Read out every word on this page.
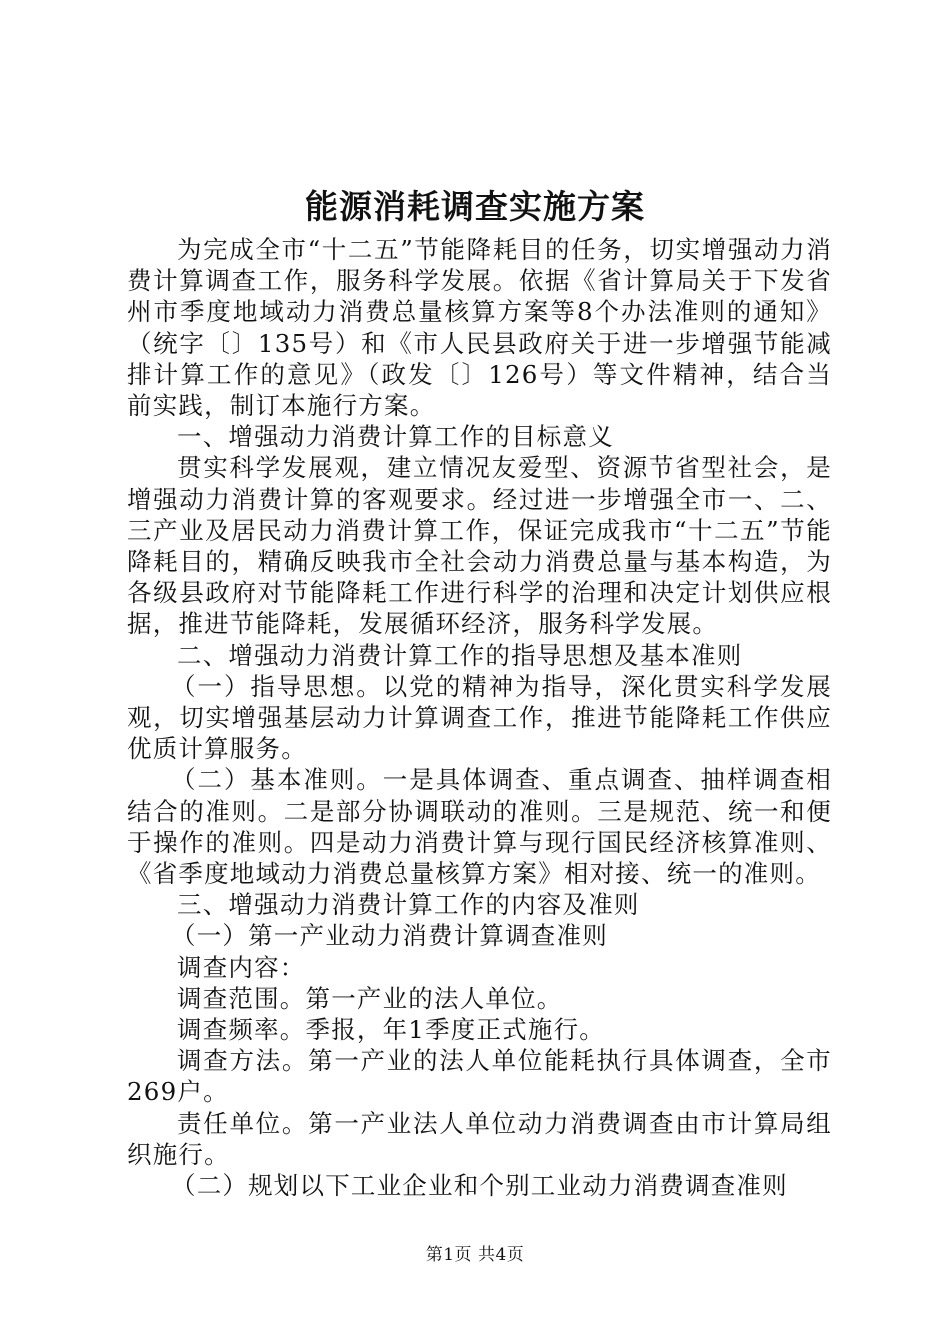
能源消耗调查实施方案

为完成全市“十二五”节能降耗目的任务，切实增强动力消费计算调查工作，服务科学发展。依据《省计算局关于下发省州市季度地域动力消费总量核算方案等8个办法准则的通知》（统字〔〕135号）和《市人民县政府关于进一步增强节能减排计算工作的意见》（政发〔〕126号）等文件精神，结合当前实践，制订本施行方案。

一、增强动力消费计算工作的目标意义

贯实科学发展观，建立情况友爱型、资源节省型社会，是增强动力消费计算的客观要求。经过进一步增强全市一、二、三产业及居民动力消费计算工作，保证完成我市“十二五”节能降耗目的，精确反映我市全社会动力消费总量与基本构造，为各级县政府对节能降耗工作进行科学的治理和决定计划供应根据，推进节能降耗，发展循环经济，服务科学发展。

二、增强动力消费计算工作的指导思想及基本准则

（一）指导思想。以党的精神为指导，深化贯实科学发展观，切实增强基层动力计算调查工作，推进节能降耗工作供应优质计算服务。

（二）基本准则。一是具体调查、重点调查、抽样调查相结合的准则。二是部分协调联动的准则。三是规范、统一和便于操作的准则。四是动力消费计算与现行国民经济核算准则、《省季度地域动力消费总量核算方案》相对接、统一的准则。

三、增强动力消费计算工作的内容及准则

（一）第一产业动力消费计算调查准则

调查内容：

调查范围。第一产业的法人单位。

调查频率。季报，年1季度正式施行。

调查方法。第一产业的法人单位能耗执行具体调查，全市269户。

责任单位。第一产业法人单位动力消费调查由市计算局组织施行。

（二）规划以下工业企业和个别工业动力消费调查准则

第1页 共4页
